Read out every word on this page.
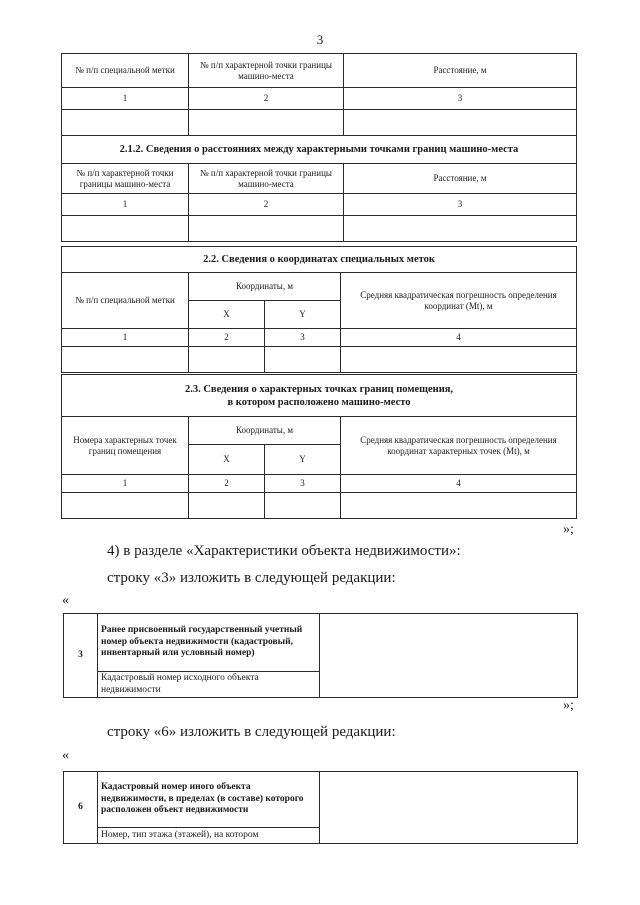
3
№ п/п специальной метки	№ п/п характерной точки границы машино-места	Расстояние, м
1	2	3

2.1.2. Сведения о расстояниях между характерными точками границ машино-места		
№ п/п характерной точки границы машино-места	№ п/п характерной точки границы машино-места	Расстояние, м
1	2	3

2.2. Сведения о координатах специальных меток			
№ п/п специальной метки	Координаты, м		Средняя квадратическая погрешность определения координат (Mt), м
	X	Y	
1	2	3	4

2.3. Сведения о характерных точках границ помещения,
в котором расположено машино-место			
Номера характерных точек границ помещения	Координаты, м		Средняя квадратическая погрешность определения координат характерных точек (Mt), м
	X	Y	
1	2	3	4

»;
4) в разделе «Характеристики объекта недвижимости»:
строку «3» изложить в следующей редакции:
«
3	Ранее присвоенный государственный учетный номер объекта недвижимости (кадастровый, инвентарный или условный номер)	
Кадастровый номер исходного объекта недвижимости
»;
строку «6» изложить в следующей редакции:
«
6	Кадастровый номер иного объекта недвижимости, в пределах (в составе) которого расположен объект недвижимости	
Номер, тип этажа (этажей), на котором
